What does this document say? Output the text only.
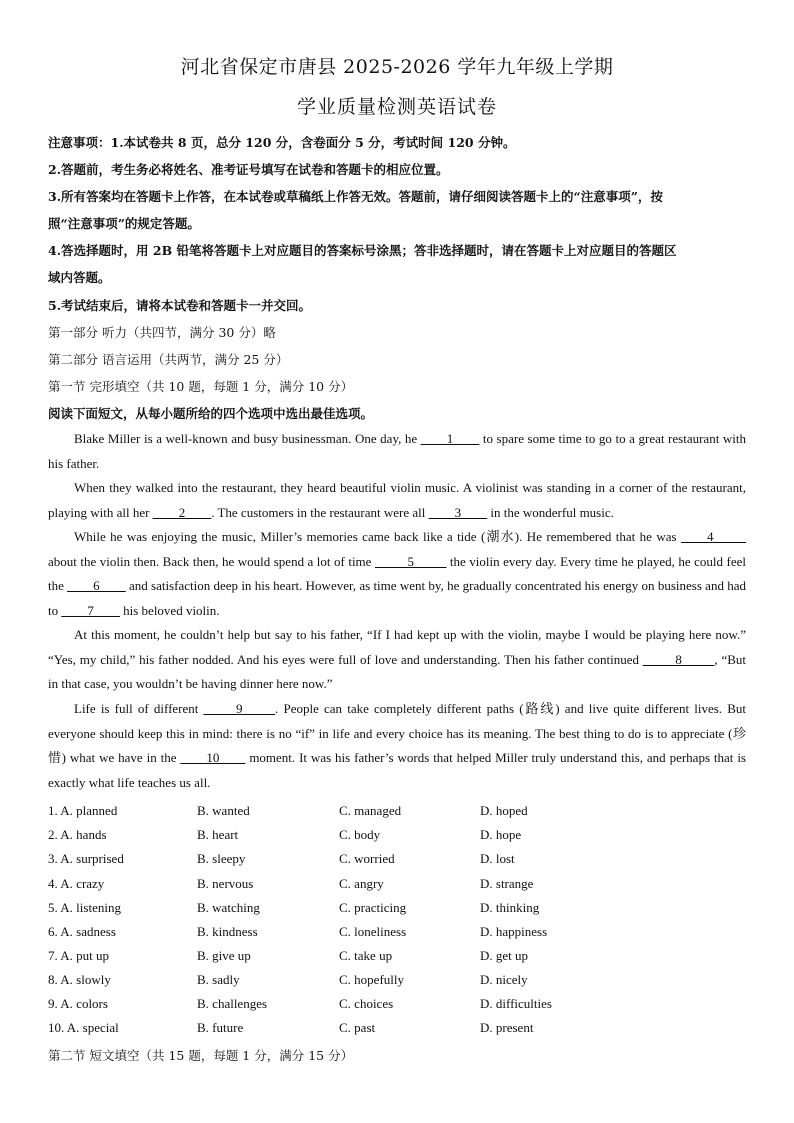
河北省保定市唐县 2025-2026 学年九年级上学期
学业质量检测英语试卷
注意事项：1.本试卷共 8 页，总分 120 分，含卷面分 5 分，考试时间 120 分钟。
2.答题前，考生务必将姓名、准考证号填写在试卷和答题卡的相应位置。
3.所有答案均在答题卡上作答，在本试卷或草稿纸上作答无效。答题前，请仔细阅读答题卡上的“注意事项”，按
照“注意事项”的规定答题。
4.答选择题时，用 2B 铅笔将答题卡上对应题目的答案标号涂黑；答非选择题时，请在答题卡上对应题目的答题区
域内答题。
5.考试结束后，请将本试卷和答题卡一并交回。
第一部分 听力（共四节，满分 30 分）略
第二部分 语言运用（共两节，满分 25 分）
第一节 完形填空（共 10 题，每题 1 分，满分 10 分）
阅读下面短文，从每小题所给的四个选项中选出最佳选项。
Blake Miller is a well-known and busy businessman. One day, he ____1____ to spare some time to go to a great restaurant with his father.
When they walked into the restaurant, they heard beautiful violin music. A violinist was standing in a corner of the restaurant, playing with all her ____2____. The customers in the restaurant were all ____3____ in the wonderful music.
While he was enjoying the music, Miller’s memories came back like a tide (潮水). He remembered that he was ____4_____ about the violin then. Back then, he would spend a lot of time _____5_____ the violin every day. Every time he played, he could feel the ____6____ and satisfaction deep in his heart. However, as time went by, he gradually concentrated his energy on business and had to ____7____ his beloved violin.
At this moment, he couldn’t help but say to his father, “If I had kept up with the violin, maybe I would be playing here now.” “Yes, my child,” his father nodded. And his eyes were full of love and understanding. Then his father continued _____8_____, “But in that case, you wouldn’t be having dinner here now.”
Life is full of different _____9_____. People can take completely different paths (路线) and live quite different lives. But everyone should keep this in mind: there is no “if” in life and every choice has its meaning. The best thing to do is to appreciate (珍惜) what we have in the ____10____ moment. It was his father’s words that helped Miller truly understand this, and perhaps that is exactly what life teaches us all.
1. A. planned	B. wanted	C. managed	D. hoped
2. A. hands	B. heart	C. body	D. hope
3. A. surprised	B. sleepy	C. worried	D. lost
4. A. crazy	B. nervous	C. angry	D. strange
5. A. listening	B. watching	C. practicing	D. thinking
6. A. sadness	B. kindness	C. loneliness	D. happiness
7. A. put up	B. give up	C. take up	D. get up
8. A. slowly	B. sadly	C. hopefully	D. nicely
9. A. colors	B. challenges	C. choices	D. difficulties
10. A. special	B. future	C. past	D. present
第二节 短文填空（共 15 题，每题 1 分，满分 15 分）
